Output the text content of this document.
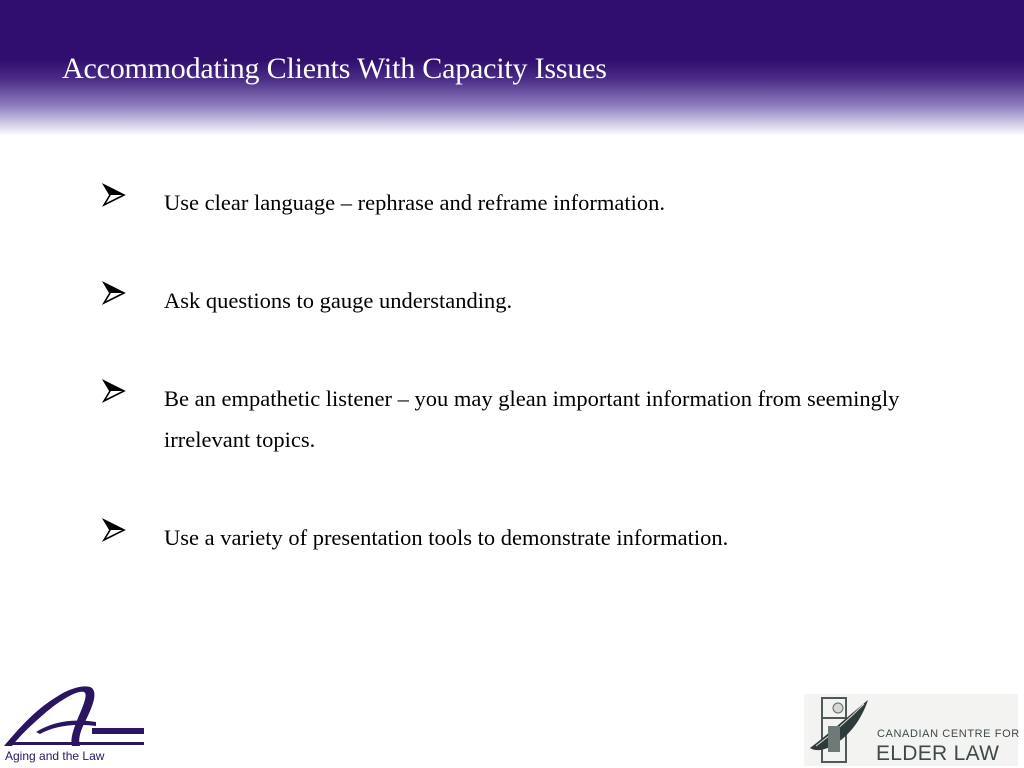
Accommodating Clients With Capacity Issues
Use clear language – rephrase and reframe information.
Ask questions to gauge understanding.
Be an empathetic listener – you may glean important information from seemingly irrelevant topics.
Use a variety of presentation tools to demonstrate information.
Aging and the Law
CANADIAN CENTRE FOR
ELDER LAW
